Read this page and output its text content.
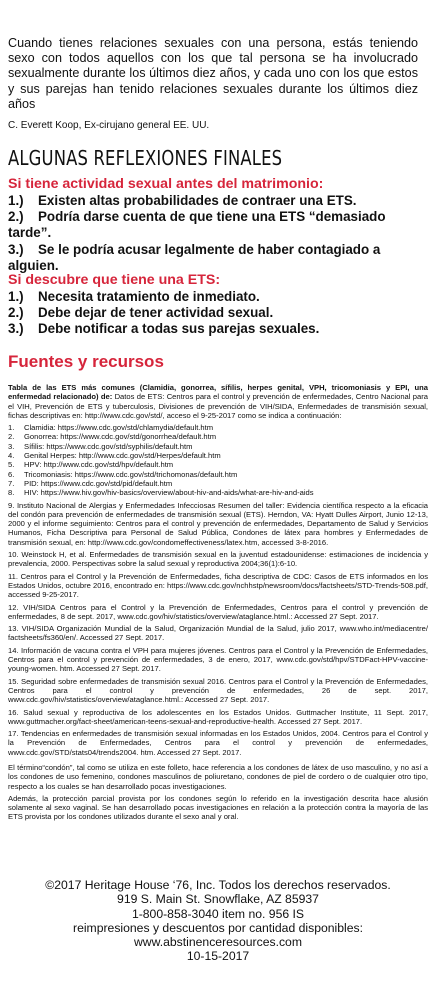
Cuando tienes relaciones sexuales con una persona, estás teniendo sexo con todos aquellos con los que tal persona se ha involucrado sexualmente durante los últimos diez años, y cada uno con los que estos y sus parejas han tenido relaciones sexuales durante los últimos diez años
C. Everett Koop, Ex-cirujano general EE. UU.
ALGUNAS REFLEXIONES FINALES
Si tiene actividad sexual antes del matrimonio:
1.) Existen altas probabilidades de contraer una ETS.
2.) Podría darse cuenta de que tiene una ETS “demasiado tarde”.
3.) Se le podría acusar legalmente de haber contagiado a alguien.
Si descubre que tiene una ETS:
1.) Necesita tratamiento de inmediato.
2.) Debe dejar de tener actividad sexual.
3.) Debe notificar a todas sus parejas sexuales.
Fuentes y recursos

Tabla de las ETS más comunes (Clamidia, gonorrea, sífilis, herpes genital, VPH, tricomoniasis y EPI, una enfermedad relacionado) de: Datos de ETS: Centros para el control y prevención de enfermedades, Centro Nacional para el VIH, Prevención de ETS y tuberculosis, Divisiones de prevención de VIH/SIDA, Enfermedades de transmisión sexual, fichas descriptivas en: http://www.cdc.gov/std/, acceso el 9-25-2017 como se indica a continuación:

1.	Clamidia: https://www.cdc.gov/std/chlamydia/default.htm
2.	Gonorrea: https://www.cdc.gov/std/gonorrhea/default.htm
3.	Sífilis: https://www.cdc.gov/std/syphilis/default.htm
4.	Genital Herpes: http://www.cdc.gov/std/Herpes/default.htm
5.	HPV: http://www.cdc.gov/std/hpv/default.htm
6.	Tricomoniasis: https://www.cdc.gov/std/trichomonas/default.htm
7.	PID: https://www.cdc.gov/std/pid/default.htm
8.	HIV: https://www.hiv.gov/hiv-basics/overview/about-hiv-and-aids/what-are-hiv-and-aids
9. Instituto Nacional de Alergias y Enfermedades Infecciosas Resumen del taller: Evidencia científica respecto a la eficacia del condón para prevención de enfermedades de transmisión sexual (ETS). Herndon, VA: Hyatt Dulles Airport, Junio 12-13, 2000 y el informe seguimiento: Centros para el control y prevención de enfermedades, Departamento de Salud y Servicios Humanos, Ficha Descriptiva para Personal de Salud Pública, Condones de látex para hombres y Enfermedades de transmisión sexual, en: http://www.cdc.gov/condomeffectiveness/latex.htm, accessed 3-8-2016.
10. Weinstock H, et al. Enfermedades de transmisión sexual en la juventud estadounidense: estimaciones de incidencia y prevalencia, 2000. Perspectivas sobre la salud sexual y reproductiva 2004;36(1):6-10.
11. Centros para el Control y la Prevención de Enfermedades, ficha descriptiva de CDC: Casos de ETS informados en los Estados Unidos, octubre 2016, encontrado en: https://www.cdc.gov/nchhstp/newsroom/docs/factsheets/STD-Trends-508.pdf, accessed 9-25-2017.
12. VIH/SIDA Centros para el Control y la Prevención de Enfermedades, Centros para el control y prevención de enfermedades, 8 de sept. 2017, www.cdc.gov/hiv/statistics/overview/ataglance.html.: Accessed 27 Sept. 2017.
13. VIH/SIDA Organización Mundial de la Salud, Organización Mundial de la Salud, julio 2017, www.who.int/mediacentre/ factsheets/fs360/en/. Accessed 27 Sept. 2017.
14. Información de vacuna contra el VPH para mujeres jóvenes. Centros para el Control y la Prevención de Enfermedades, Centros para el control y prevención de enfermedades, 3 de enero, 2017, www.cdc.gov/std/hpv/STDFact-HPV-vaccine-young-women. htm. Accessed 27 Sept. 2017.
15. Seguridad sobre enfermedades de transmisión sexual 2016. Centros para el Control y la Prevención de Enfermedades, Centros para el control y prevención de enfermedades, 26 de sept. 2017, www.cdc.gov/hiv/statistics/overview/ataglance.html.: Accessed 27 Sept. 2017.
16. Salud sexual y reproductiva de los adolescentes en los Estados Unidos. Guttmacher Institute, 11 Sept. 2017, www.guttmacher.org/fact-sheet/american-teens-sexual-and-reproductive-health. Accessed 27 Sept. 2017.
17. Tendencias en enfermedades de transmisión sexual informadas en los Estados Unidos, 2004. Centros para el Control y la Prevención de Enfermedades, Centros para el control y prevención de enfermedades, www.cdc.gov/STD/stats04/trends2004. htm. Accessed 27 Sept. 2017.

El término“condón”, tal como se utiliza en este folleto, hace referencia a los condones de látex de uso masculino, y no así a los condones de uso femenino, condones masculinos de poliuretano, condones de piel de cordero o de cualquier otro tipo, respecto a los cuales se han desarrollado pocas investigaciones.

Además, la protección parcial provista por los condones según lo referido en la investigación descrita hace alusión solamente al sexo vaginal. Se han desarrollado pocas investigaciones en relación a la protección contra la mayoría de las ETS provista por los condones utilizados durante el sexo anal y oral.

©2017 Heritage House ‘76, Inc. Todos los derechos reservados.
919 S. Main St. Snowflake, AZ 85937
1-800-858-3040 item no. 956 IS
reimpresiones y descuentos por cantidad disponibles:
www.abstinenceresources.com
10-15-2017
